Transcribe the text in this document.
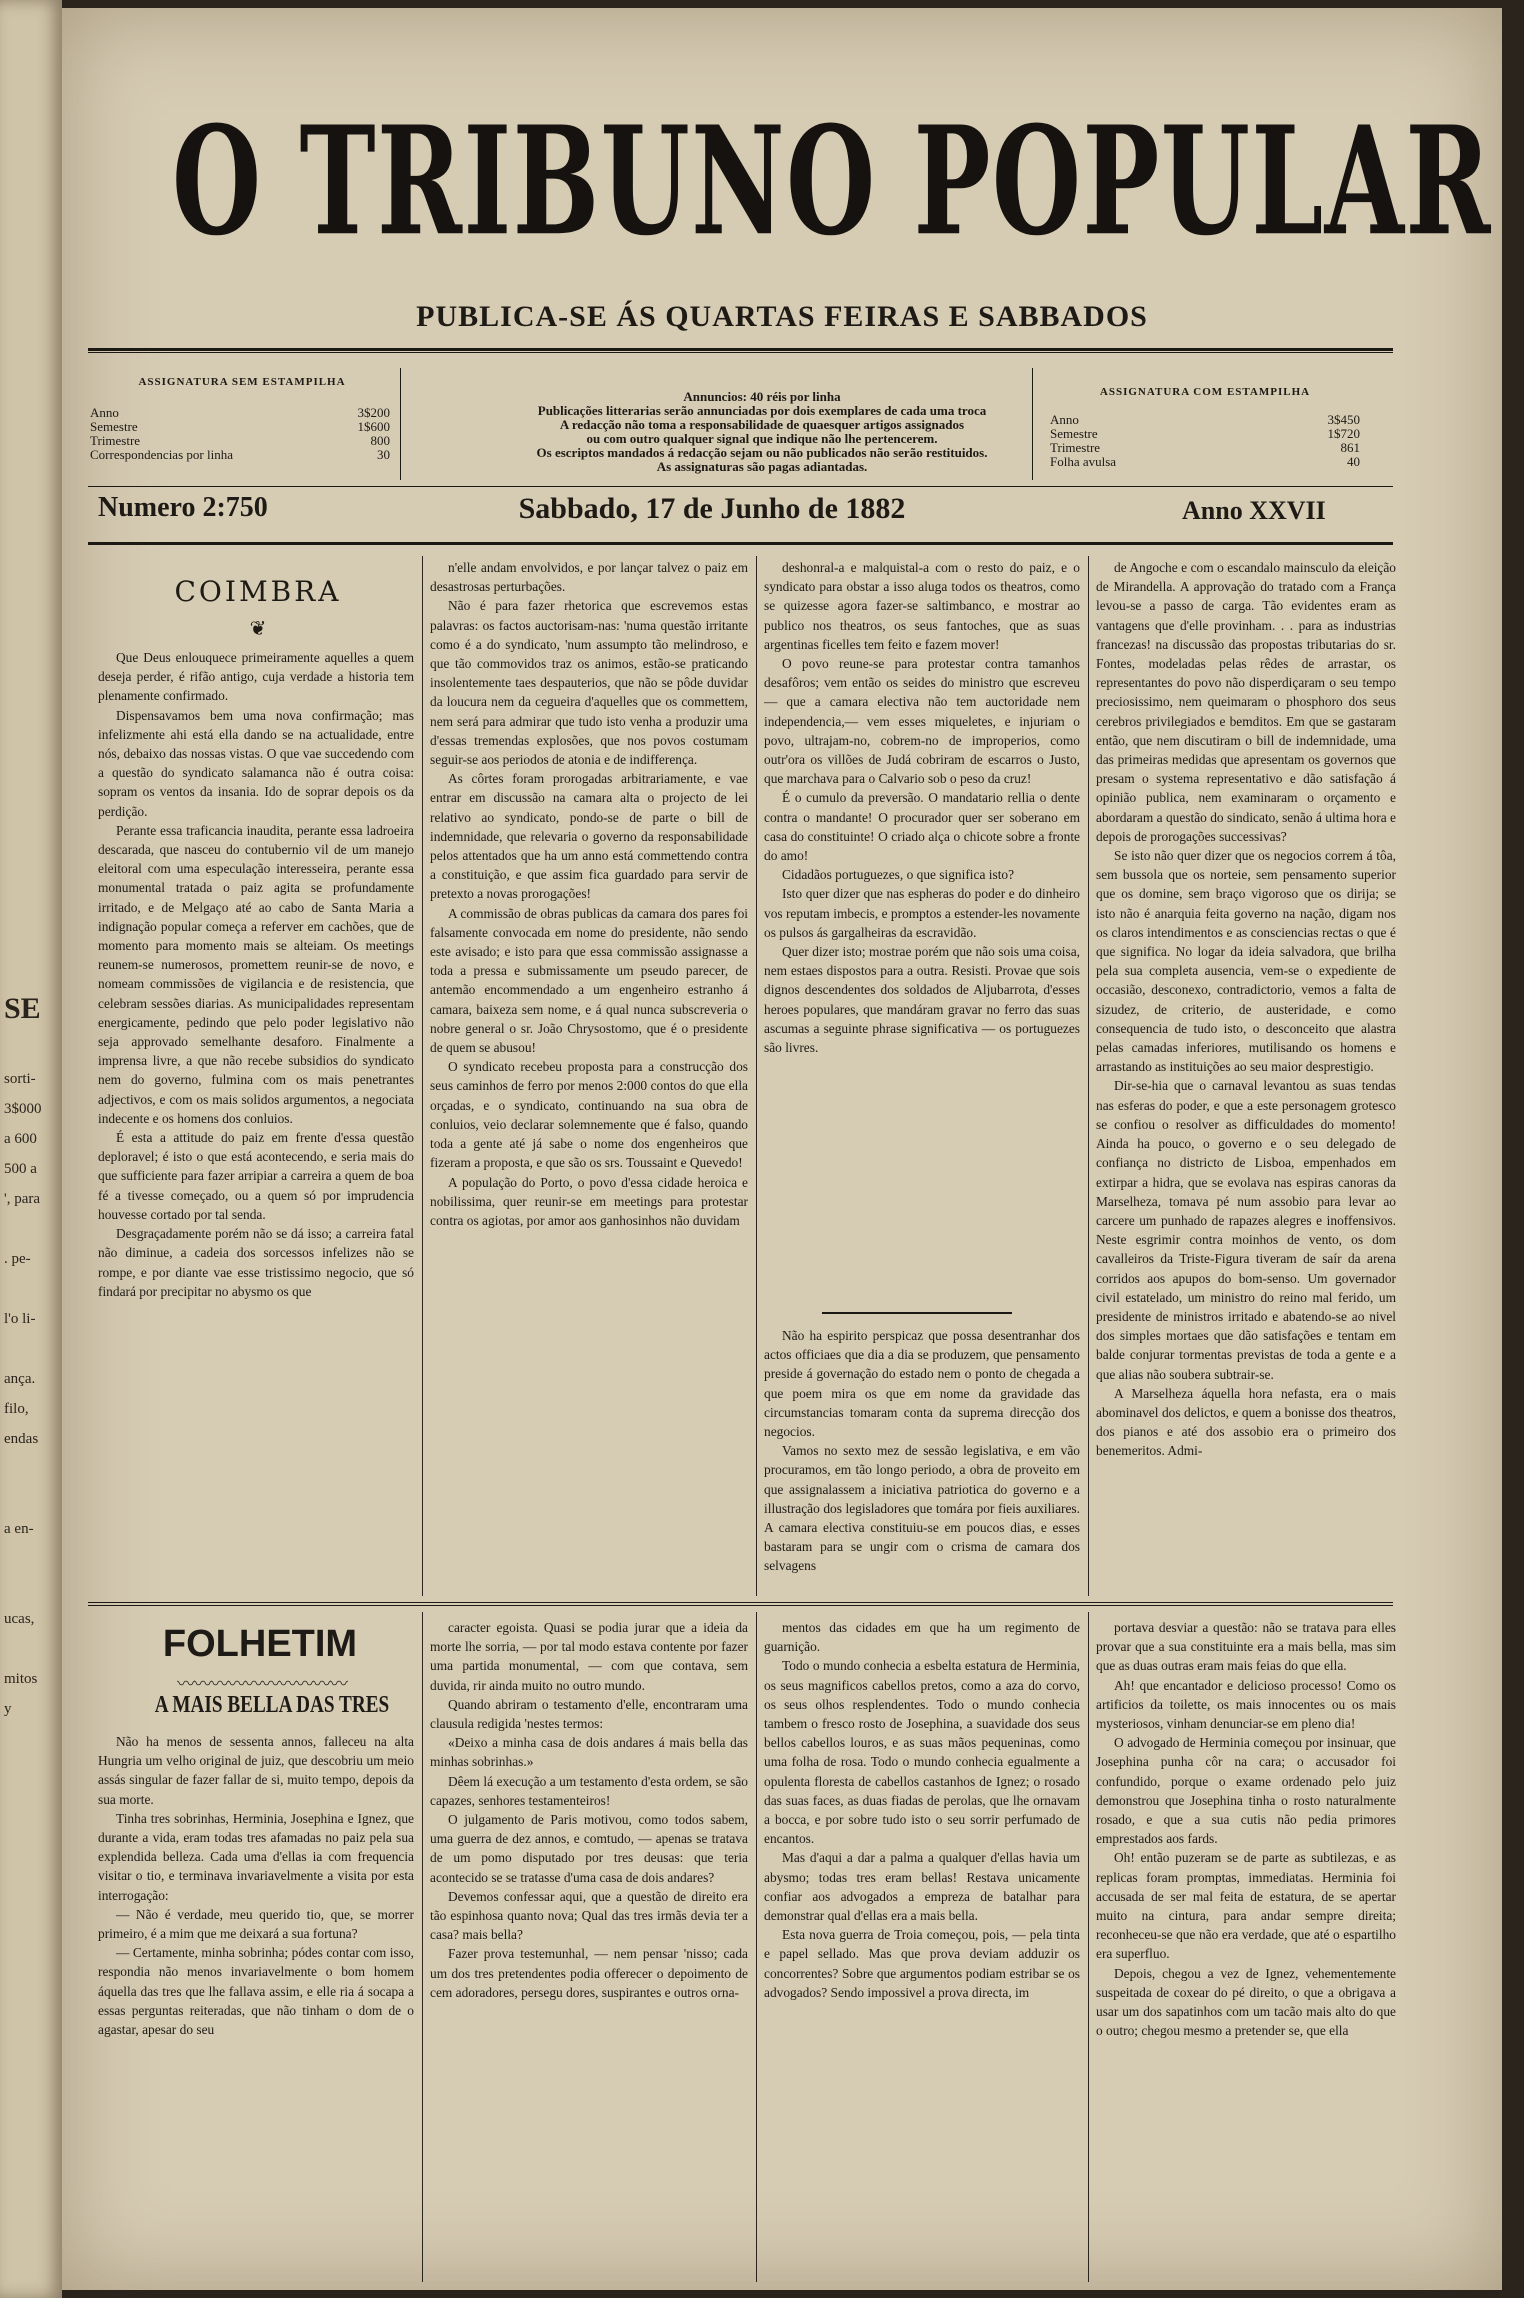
SE
sorti-
3$000
a 600
500 a
', para
. pe-
l'o li-
ança.
filo,
endas
a en-
ucas,
mitos
y
O TRIBUNO POPULAR
PUBLICA-SE ÁS QUARTAS FEIRAS E SABBADOS
ASSIGNATURA SEM ESTAMPILHA
Anno	3$200
Semestre	1$600
Trimestre	800
Correspondencias por linha	30
Annuncios: 40 réis por linha
Publicações litterarias serão annunciadas por dois exemplares de cada uma troca
A redacção não toma a responsabilidade de quaesquer artigos assignados
ou com outro qualquer signal que indique não lhe pertencerem.
Os escriptos mandados á redacção sejam ou não publicados não serão restituidos.
As assignaturas são pagas adiantadas.
ASSIGNATURA COM ESTAMPILHA
Anno	3$450
Semestre	1$720
Trimestre	861
Folha avulsa	40
Numero 2:750	Sabbado, 17 de Junho de 1882	Anno XXVII
COIMBRA
❦

Que Deus enlouquece primeiramente aquelles a quem deseja perder, é rifão antigo, cuja verdade a historia tem plenamente confirmado.

Dispensavamos bem uma nova confirmação; mas infelizmente ahi está ella dando se na actualidade, entre nós, debaixo das nossas vistas. O que vae succedendo com a questão do syndicato salamanca não é outra coisa: sopram os ventos da insania. Ido de soprar depois os da perdição.

Perante essa traficancia inaudita, perante essa ladroeira descarada, que nasceu do contubernio vil de um manejo eleitoral com uma especulação interesseira, perante essa monumental tratada o paiz agita se profundamente irritado, e de Melgaço até ao cabo de Santa Maria a indignação popular começa a referver em cachões, que de momento para momento mais se alteiam. Os meetings reunem-se numerosos, promettem reunir-se de novo, e nomeam commissões de vigilancia e de resistencia, que celebram sessões diarias. As municipalidades representam energicamente, pedindo que pelo poder legislativo não seja approvado semelhante desaforo. Finalmente a imprensa livre, a que não recebe subsidios do syndicato nem do governo, fulmina com os mais penetrantes adjectivos, e com os mais solidos argumentos, a negociata indecente e os homens dos conluios.

É esta a attitude do paiz em frente d'essa questão deploravel; é isto o que está acontecendo, e seria mais do que sufficiente para fazer arripiar a carreira a quem de boa fé a tivesse começado, ou a quem só por imprudencia houvesse cortado por tal senda.

Desgraçadamente porém não se dá isso; a carreira fatal não diminue, a cadeia dos sorcessos infelizes não se rompe, e por diante vae esse tristissimo negocio, que só findará por precipitar no abysmo os que

n'elle andam envolvidos, e por lançar talvez o paiz em desastrosas perturbações.

Não é para fazer rhetorica que escrevemos estas palavras: os factos auctorisam-nas: 'numa questão irritante como é a do syndicato, 'num assumpto tão melindroso, e que tão commovidos traz os animos, estão-se praticando insolentemente taes despauterios, que não se pôde duvidar da loucura nem da cegueira d'aquelles que os commettem, nem será para admirar que tudo isto venha a produzir uma d'essas tremendas explosões, que nos povos costumam seguir-se aos periodos de atonia e de indifferença.

As côrtes foram prorogadas arbitrariamente, e vae entrar em discussão na camara alta o projecto de lei relativo ao syndicato, pondo-se de parte o bill de indemnidade, que relevaria o governo da responsabilidade pelos attentados que ha um anno está commettendo contra a constituição, e que assim fica guardado para servir de pretexto a novas prorogações!

A commissão de obras publicas da camara dos pares foi falsamente convocada em nome do presidente, não sendo este avisado; e isto para que essa commissão assignasse a toda a pressa e submissamente um pseudo parecer, de antemão encommendado a um engenheiro estranho á camara, baixeza sem nome, e á qual nunca subscreveria o nobre general o sr. João Chrysostomo, que é o presidente de quem se abusou!

O syndicato recebeu proposta para a construcção dos seus caminhos de ferro por menos 2:000 contos do que ella orçadas, e o syndicato, continuando na sua obra de conluios, veio declarar solemnemente que é falso, quando toda a gente até já sabe o nome dos engenheiros que fizeram a proposta, e que são os srs. Toussaint e Quevedo!

A população do Porto, o povo d'essa cidade heroica e nobilissima, quer reunir-se em meetings para protestar contra os agiotas, por amor aos ganhosinhos não duvidam

deshonral-a e malquistal-a com o resto do paiz, e o syndicato para obstar a isso aluga todos os theatros, como se quizesse agora fazer-se saltimbanco, e mostrar ao publico nos theatros, os seus fantoches, que as suas argentinas ficelles tem feito e fazem mover!

O povo reune-se para protestar contra tamanhos desafôros; vem então os seides do ministro que escreveu — que a camara electiva não tem auctoridade nem independencia,— vem esses miqueletes, e injuriam o povo, ultrajam-no, cobrem-no de improperios, como outr'ora os villões de Judá cobriram de escarros o Justo, que marchava para o Calvario sob o peso da cruz!

É o cumulo da preversão. O mandatario rellia o dente contra o mandante! O procurador quer ser soberano em casa do constituinte! O criado alça o chicote sobre a fronte do amo!

Cidadãos portuguezes, o que significa isto?

Isto quer dizer que nas espheras do poder e do dinheiro vos reputam imbecis, e promptos a estender-les novamente os pulsos ás gargalheiras da escravidão.

Quer dizer isto; mostrae porém que não sois uma coisa, nem estaes dispostos para a outra. Resisti. Provae que sois dignos descendentes dos soldados de Aljubarrota, d'esses heroes populares, que mandáram gravar no ferro das suas ascumas a seguinte phrase significativa — os portuguezes são livres.

Não ha espirito perspicaz que possa desentranhar dos actos officiaes que dia a dia se produzem, que pensamento preside á governação do estado nem o ponto de chegada a que poem mira os que em nome da gravidade das circumstancias tomaram conta da suprema direcção dos negocios.

Vamos no sexto mez de sessão legislativa, e em vão procuramos, em tão longo periodo, a obra de proveito em que assignalassem a iniciativa patriotica do governo e a illustração dos legisladores que tomára por fieis auxiliares. A camara electiva constituiu-se em poucos dias, e esses bastaram para se ungir com o crisma de camara dos selvagens

de Angoche e com o escandalo mainsculo da eleição de Mirandella. A approvação do tratado com a França levou-se a passo de carga. Tão evidentes eram as vantagens que d'elle provinham. . . para as industrias francezas! na discussão das propostas tributarias do sr. Fontes, modeladas pelas rêdes de arrastar, os representantes do povo não disperdiçaram o seu tempo preciosissimo, nem queimaram o phosphoro dos seus cerebros privilegiados e bemditos. Em que se gastaram então, que nem discutiram o bill de indemnidade, uma das primeiras medidas que apresentam os governos que presam o systema representativo e dão satisfação á opinião publica, nem examinaram o orçamento e abordaram a questão do sindicato, senão á ultima hora e depois de prorogações successivas?

Se isto não quer dizer que os negocios correm á tôa, sem bussola que os norteie, sem pensamento superior que os domine, sem braço vigoroso que os dirija; se isto não é anarquia feita governo na nação, digam nos os claros intendimentos e as consciencias rectas o que é que significa. No logar da ideia salvadora, que brilha pela sua completa ausencia, vem-se o expediente de occasião, desconexo, contradictorio, vemos a falta de sizudez, de criterio, de austeridade, e como consequencia de tudo isto, o desconceito que alastra pelas camadas inferiores, mutilisando os homens e arrastando as instituições ao seu maior desprestigio.

Dir-se-hia que o carnaval levantou as suas tendas nas esferas do poder, e que a este personagem grotesco se confiou o resolver as difficuldades do momento! Ainda ha pouco, o governo e o seu delegado de confiança no districto de Lisboa, empenhados em extirpar a hidra, que se evolava nas espiras canoras da Marselheza, tomava pé num assobio para levar ao carcere um punhado de rapazes alegres e inoffensivos. Neste esgrimir contra moinhos de vento, os dom cavalleiros da Triste-Figura tiveram de saír da arena corridos aos apupos do bom-senso. Um governador civil estatelado, um ministro do reino mal ferido, um presidente de ministros irritado e abatendo-se ao nivel dos simples mortaes que dão satisfações e tentam em balde conjurar tormentas previstas de toda a gente e a que alias não soubera subtrair-se.

A Marselheza áquella hora nefasta, era o mais abominavel dos delictos, e quem a bonisse dos theatros, dos pianos e até dos assobio era o primeiro dos benemeritos. Admi-

FOLHETIM
〰〰〰〰〰〰〰〰〰〰
A MAIS BELLA DAS TRES

Não ha menos de sessenta annos, falleceu na alta Hungria um velho original de juiz, que descobriu um meio assás singular de fazer fallar de si, muito tempo, depois da sua morte.

Tinha tres sobrinhas, Herminia, Josephina e Ignez, que durante a vida, eram todas tres afamadas no paiz pela sua explendida belleza. Cada uma d'ellas ia com frequencia visitar o tio, e terminava invariavelmente a visita por esta interrogação:

— Não é verdade, meu querido tio, que, se morrer primeiro, é a mim que me deixará a sua fortuna?

— Certamente, minha sobrinha; pódes contar com isso, respondia não menos invariavelmente o bom homem áquella das tres que lhe fallava assim, e elle ria á socapa a essas perguntas reiteradas, que não tinham o dom de o agastar, apesar do seu

caracter egoista. Quasi se podia jurar que a ideia da morte lhe sorria, — por tal modo estava contente por fazer uma partida monumental, — com que contava, sem duvida, rir ainda muito no outro mundo.

Quando abriram o testamento d'elle, encontraram uma clausula redigida 'nestes termos:

«Deixo a minha casa de dois andares á mais bella das minhas sobrinhas.»

Dêem lá execução a um testamento d'esta ordem, se são capazes, senhores testamenteiros!

O julgamento de Paris motivou, como todos sabem, uma guerra de dez annos, e comtudo, — apenas se tratava de um pomo disputado por tres deusas: que teria acontecido se se tratasse d'uma casa de dois andares?

Devemos confessar aqui, que a questão de direito era tão espinhosa quanto nova; Qual das tres irmãs devia ter a casa? mais bella?

Fazer prova testemunhal, — nem pensar 'nisso; cada um dos tres pretendentes podia offerecer o depoimento de cem adoradores, persegu dores, suspirantes e outros orna-

mentos das cidades em que ha um regimento de guarnição.

Todo o mundo conhecia a esbelta estatura de Herminia, os seus magnificos cabellos pretos, como a aza do corvo, os seus olhos resplendentes. Todo o mundo conhecia tambem o fresco rosto de Josephina, a suavidade dos seus bellos cabellos louros, e as suas mãos pequeninas, como uma folha de rosa. Todo o mundo conhecia egualmente a opulenta floresta de cabellos castanhos de Ignez; o rosado das suas faces, as duas fiadas de perolas, que lhe ornavam a bocca, e por sobre tudo isto o seu sorrir perfumado de encantos.

Mas d'aqui a dar a palma a qualquer d'ellas havia um abysmo; todas tres eram bellas! Restava unicamente confiar aos advogados a empreza de batalhar para demonstrar qual d'ellas era a mais bella.

Esta nova guerra de Troia começou, pois, — pela tinta e papel sellado. Mas que prova deviam adduzir os concorrentes? Sobre que argumentos podiam estribar se os advogados? Sendo impossivel a prova directa, im

portava desviar a questão: não se tratava para elles provar que a sua constituinte era a mais bella, mas sim que as duas outras eram mais feias do que ella.

Ah! que encantador e delicioso processo! Como os artificios da toilette, os mais innocentes ou os mais mysteriosos, vinham denunciar-se em pleno dia!

O advogado de Herminia começou por insinuar, que Josephina punha côr na cara; o accusador foi confundido, porque o exame ordenado pelo juiz demonstrou que Josephina tinha o rosto naturalmente rosado, e que a sua cutis não pedia primores emprestados aos fards.

Oh! então puzeram se de parte as subtilezas, e as replicas foram promptas, immediatas. Herminia foi accusada de ser mal feita de estatura, de se apertar muito na cintura, para andar sempre direita; reconheceu-se que não era verdade, que até o espartilho era superfluo.

Depois, chegou a vez de Ignez, vehementemente suspeitada de coxear do pé direito, o que a obrigava a usar um dos sapatinhos com um tacão mais alto do que o outro; chegou mesmo a pretender se, que ella
